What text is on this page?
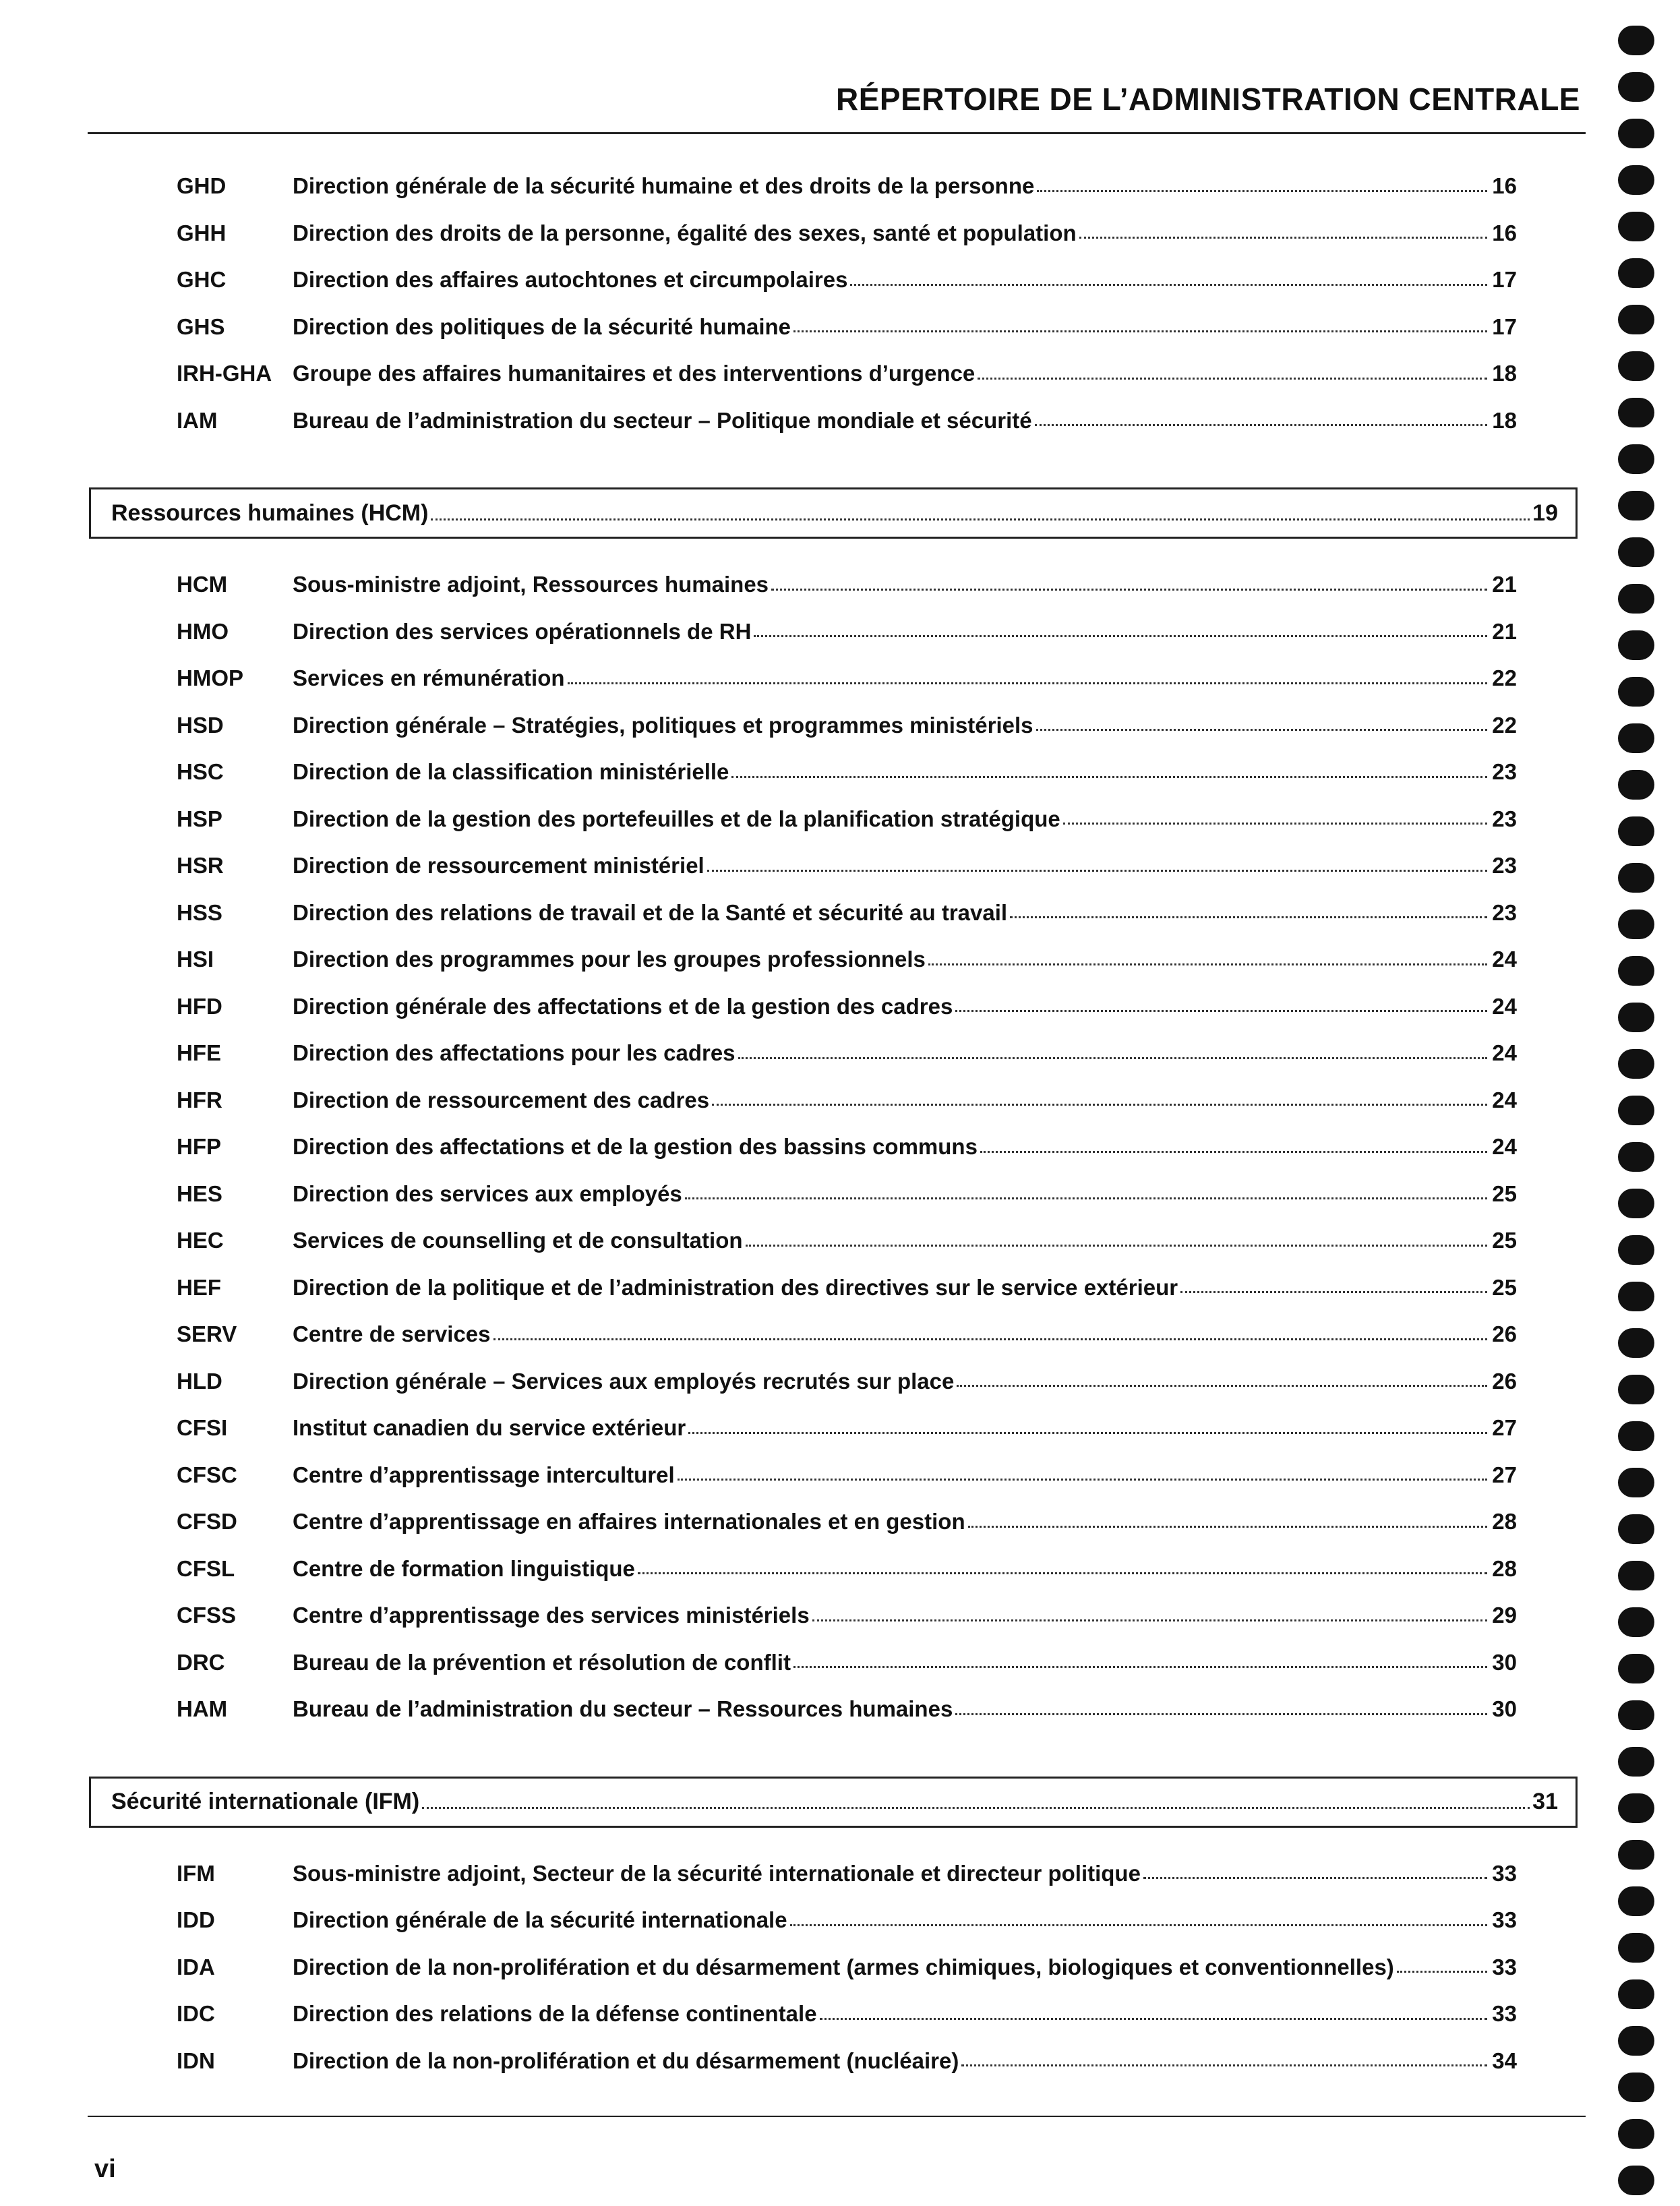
RÉPERTOIRE DE L’ADMINISTRATION CENTRALE
GHD	Direction générale de la sécurité humaine et des droits de la personne	16
GHH	Direction des droits de la personne, égalité des sexes, santé et population	16
GHC	Direction des affaires autochtones et circumpolaires	17
GHS	Direction des politiques de la sécurité humaine	17
IRH-GHA Groupe des affaires humanitaires et des interventions d’urgence	18
IAM	Bureau de l’administration du secteur – Politique mondiale et sécurité	18
Ressources humaines (HCM)	19
HCM	Sous-ministre adjoint, Ressources humaines	21
HMO	Direction des services opérationnels de RH	21
HMOP	Services en rémunération	22
HSD	Direction générale – Stratégies, politiques et programmes ministériels	22
HSC	Direction de la classification ministérielle	23
HSP	Direction de la gestion des portefeuilles et de la planification stratégique	23
HSR	Direction de ressourcement ministériel	23
HSS	Direction des relations de travail et de la Santé et sécurité au travail	23
HSI	Direction des programmes pour les groupes professionnels	24
HFD	Direction générale des affectations et de la gestion des cadres	24
HFE	Direction des affectations pour les cadres	24
HFR	Direction de ressourcement des cadres	24
HFP	Direction des affectations et de la gestion des bassins communs	24
HES	Direction des services aux employés	25
HEC	Services de counselling et de consultation	25
HEF	Direction de la politique et de l’administration des directives sur le service extérieur	25
SERV	Centre de services	26
HLD	Direction générale – Services aux employés recrutés sur place	26
CFSI	Institut canadien du service extérieur	27
CFSC	Centre d’apprentissage interculturel	27
CFSD	Centre d’apprentissage en affaires internationales et en gestion	28
CFSL	Centre de formation linguistique	28
CFSS	Centre d’apprentissage des services ministériels	29
DRC	Bureau de la prévention et résolution de conflit	30
HAM	Bureau de l’administration du secteur – Ressources humaines	30
Sécurité internationale (IFM)	31
IFM	Sous-ministre adjoint, Secteur de la sécurité internationale et directeur politique	33
IDD	Direction générale de la sécurité internationale	33
IDA	Direction de la non-prolifération et du désarmement (armes chimiques, biologiques et conventionnelles)	33
IDC	Direction des relations de la défense continentale	33
IDN	Direction de la non-prolifération et du désarmement (nucléaire)	34
vi
